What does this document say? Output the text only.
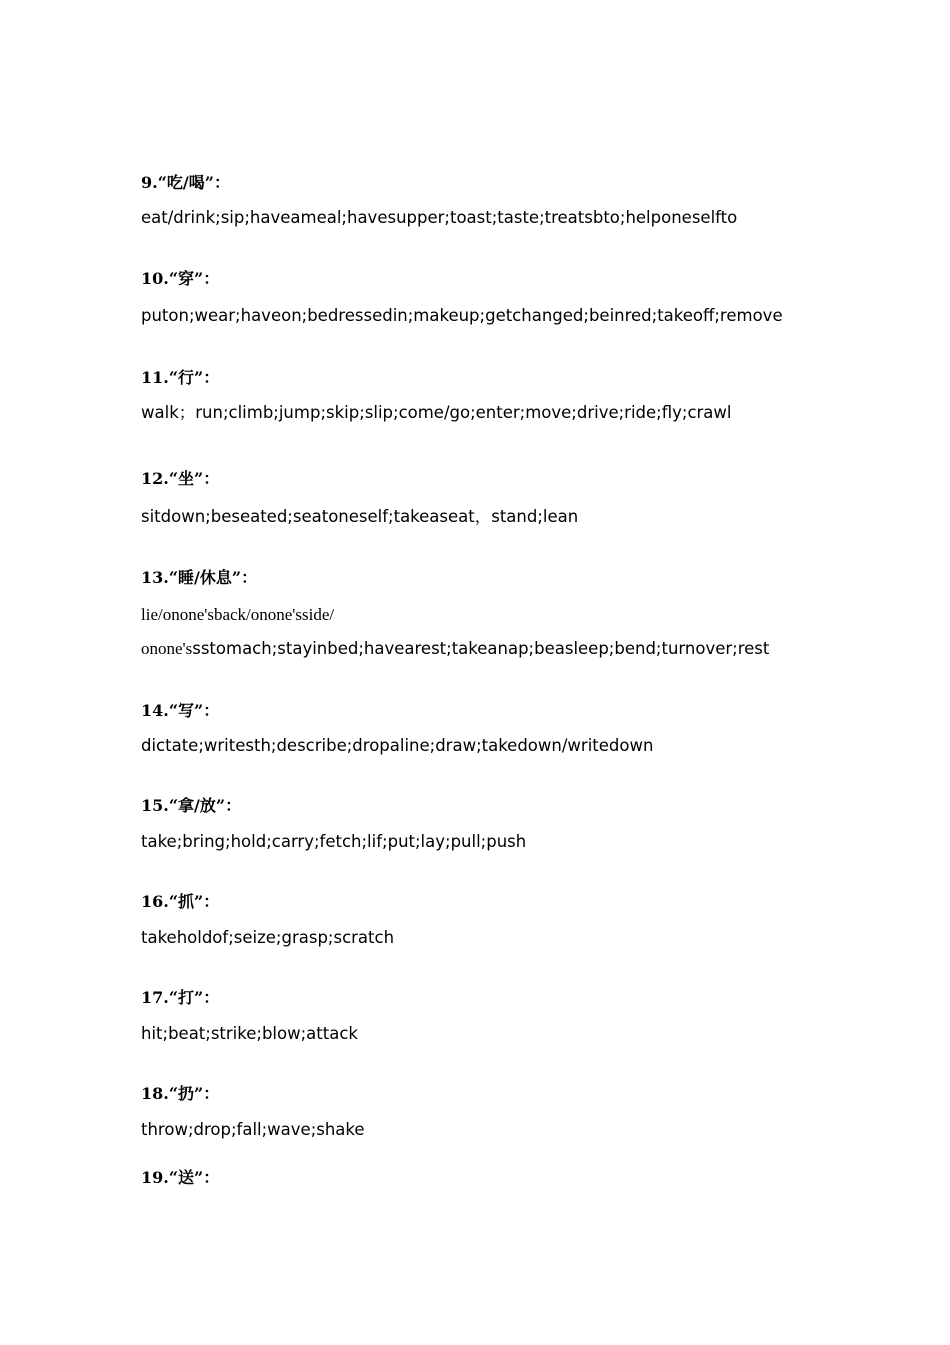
9.“吃/喝”：
eat/drink;sip;haveameal;havesupper;toast;taste;treatsbto;helponeselfto
10.“穿”：
puton;wear;haveon;bedressedin;makeup;getchanged;beinred;takeoff;remove
11.“行”：
walk；run;climb;jump;skip;slip;come/go;enter;move;drive;ride;fly;crawl
12.“坐”：
sitdown;beseated;seatoneself;takeaseat，stand;lean
13.“睡/休息”：
lie/onone'sback/onone'sside/
onone'ssstomach;stayinbed;havearest;takeanap;beasleep;bend;turnover;rest
14.“写”：
dictate;writesth;describe;dropaline;draw;takedown/writedown
15.“拿/放”：
take;bring;hold;carry;fetch;lif;put;lay;pull;push
16.“抓”：
takeholdof;seize;grasp;scratch
17.“打”：
hit;beat;strike;blow;attack
18.“扔”：
throw;drop;fall;wave;shake
19.“送”：
